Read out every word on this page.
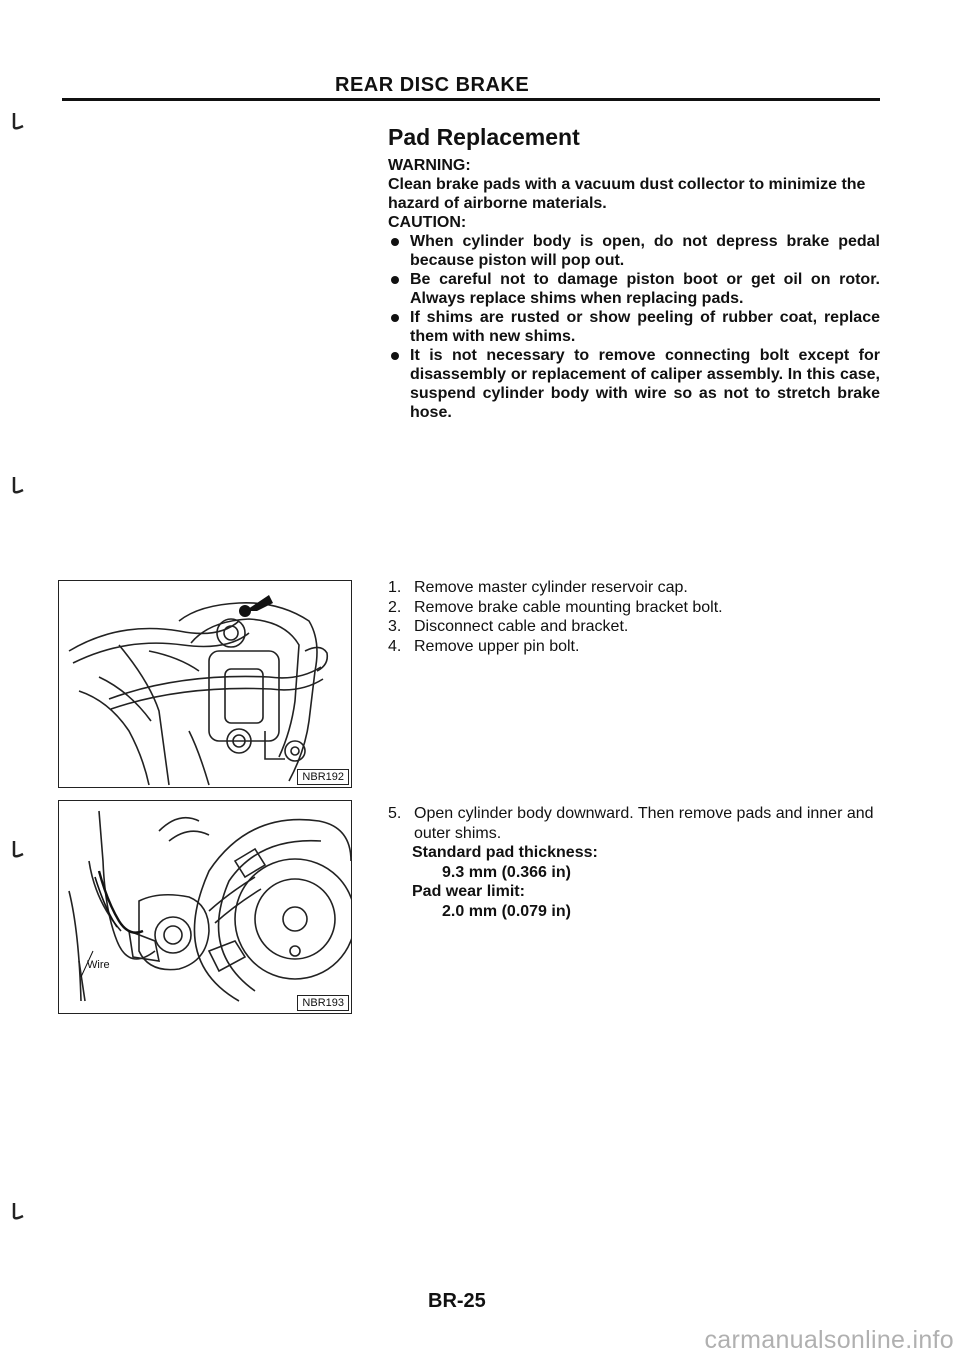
REAR DISC BRAKE
Pad Replacement

WARNING:

Clean brake pads with a vacuum dust collector to minimize the hazard of airborne materials.

CAUTION:

When cylinder body is open, do not depress brake pedal because piston will pop out.
Be careful not to damage piston boot or get oil on rotor. Always replace shims when replacing pads.
If shims are rusted or show peeling of rubber coat, replace them with new shims.
It is not necessary to remove connecting bolt except for disassembly or replacement of caliper assembly. In this case, suspend cylinder body with wire so as not to stretch brake hose.
NBR192
Wire
NBR193
1. Remove master cylinder reservoir cap.
2. Remove brake cable mounting bracket bolt.
3. Disconnect cable and bracket.
4. Remove upper pin bolt.
5. Open cylinder body downward. Then remove pads and inner and outer shims.
Standard pad thickness:
9.3 mm (0.366 in)
Pad wear limit:
2.0 mm (0.079 in)
BR-25
carmanualsonline.info
